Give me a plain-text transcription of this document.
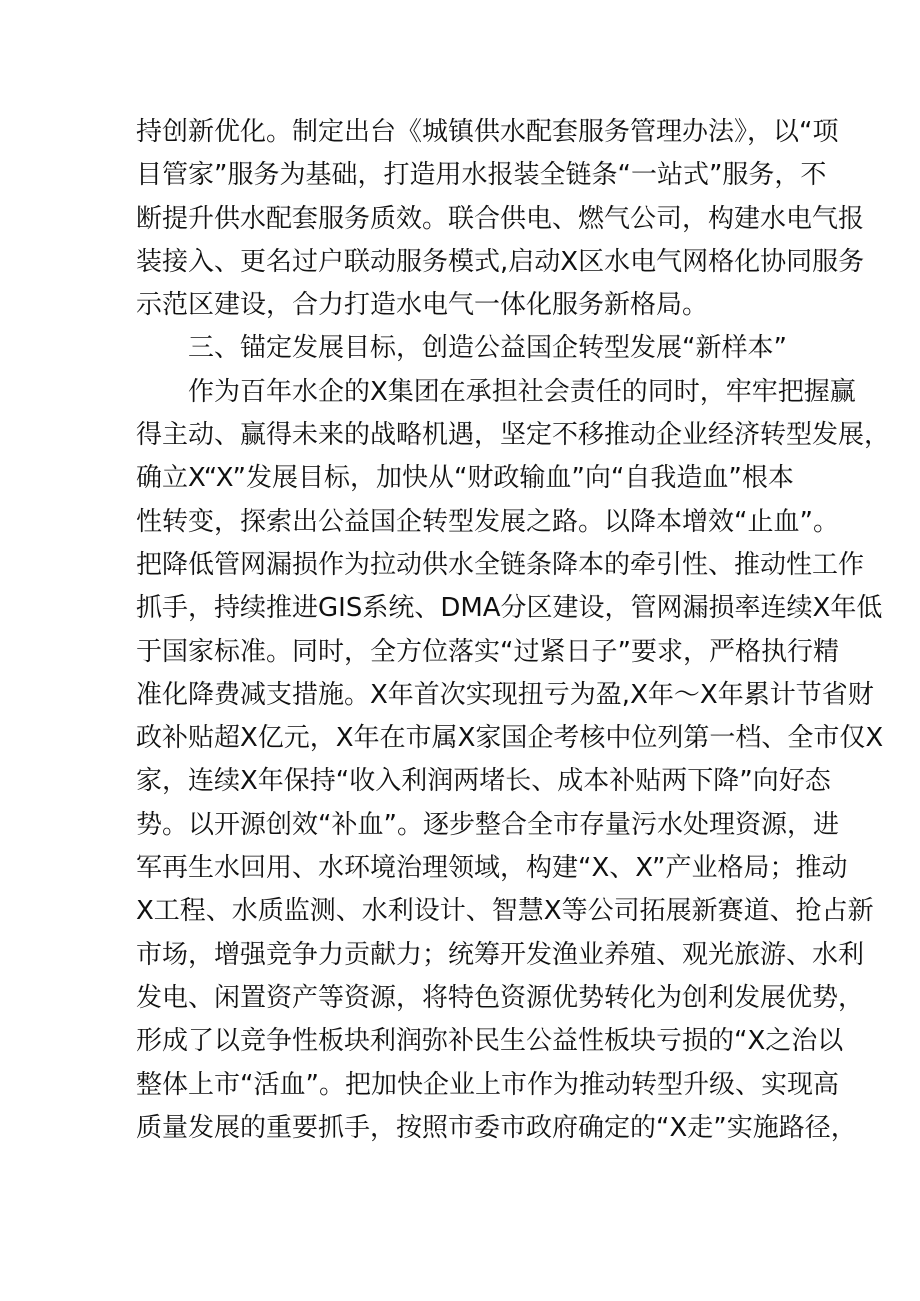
持创新优化。制定出台《城镇供水配套服务管理办法》，以“项
目管家”服务为基础，打造用水报装全链条“一站式”服务，不
断提升供水配套服务质效。联合供电、燃气公司，构建水电气报
装接入、更名过户联动服务模式,启动X区水电气网格化协同服务
示范区建设，合力打造水电气一体化服务新格局。
三、锚定发展目标，创造公益国企转型发展“新样本”
作为百年水企的X集团在承担社会责任的同时，牢牢把握赢
得主动、赢得未来的战略机遇，坚定不移推动企业经济转型发展，
确立X“X”发展目标，加快从“财政输血”向“自我造血”根本
性转变，探索出公益国企转型发展之路。以降本增效“止血”。
把降低管网漏损作为拉动供水全链条降本的牵引性、推动性工作
抓手，持续推进GIS系统、DMA分区建设，管网漏损率连续X年低
于国家标准。同时，全方位落实“过紧日子”要求，严格执行精
准化降费减支措施。X年首次实现扭亏为盈,X年〜X年累计节省财
政补贴超X亿元，X年在市属X家国企考核中位列第一档、全市仅X
家，连续X年保持“收入利润两堵长、成本补贴两下降”向好态
势。以开源创效“补血”。逐步整合全市存量污水处理资源，进
军再生水回用、水环境治理领域，构建“X、X”产业格局；推动
X工程、水质监测、水利设计、智慧X等公司拓展新赛道、抢占新
市场，增强竞争力贡献力；统筹开发渔业养殖、观光旅游、水利
发电、闲置资产等资源，将特色资源优势转化为创利发展优势，
形成了以竞争性板块利润弥补民生公益性板块亏损的“X之治以
整体上市“活血”。把加快企业上市作为推动转型升级、实现高
质量发展的重要抓手，按照市委市政府确定的“X走”实施路径，
